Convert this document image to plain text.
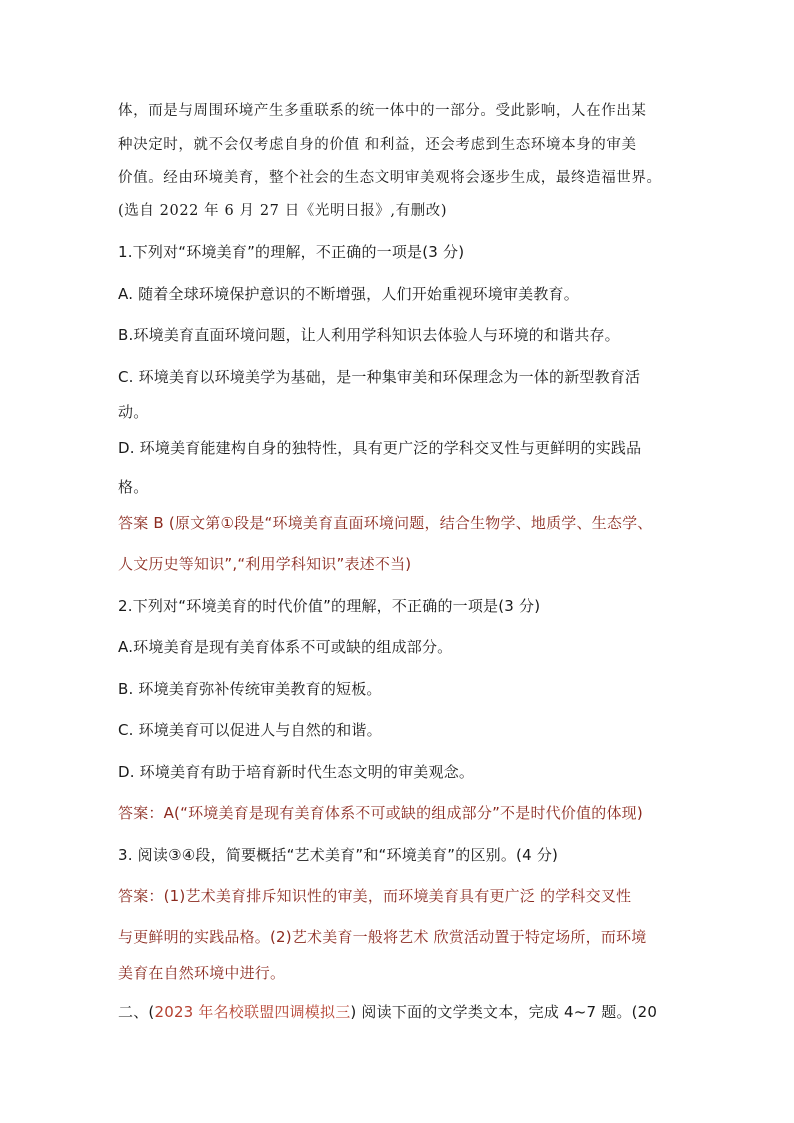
体，而是与周围环境产生多重联系的统一体中的一部分。受此影响，人在作出某
种决定时，就不会仅考虑自身的价值 和利益，还会考虑到生态环境本身的审美
价值。经由环境美育，整个社会的生态文明审美观将会逐步生成，最终造福世界。
(选自 2022 年 6 月 27 日《光明日报》,有删改)
1.下列对“环境美育”的理解，不正确的一项是(3 分)
A. 随着全球环境保护意识的不断增强，人们开始重视环境审美教育。
B.环境美育直面环境问题，让人利用学科知识去体验人与环境的和谐共存。
C. 环境美育以环境美学为基础，是一种集审美和环保理念为一体的新型教育活
动。
D. 环境美育能建构自身的独特性，具有更广泛的学科交叉性与更鲜明的实践品
格。
答案 B (原文第①段是“环境美育直面环境问题，结合生物学、地质学、生态学、
人文历史等知识”,“利用学科知识”表述不当)
2.下列对“环境美育的时代价值”的理解，不正确的一项是(3 分)
A.环境美育是现有美育体系不可或缺的组成部分。
B. 环境美育弥补传统审美教育的短板。
C. 环境美育可以促进人与自然的和谐。
D. 环境美育有助于培育新时代生态文明的审美观念。
答案：A(“环境美育是现有美育体系不可或缺的组成部分”不是时代价值的体现)
3. 阅读③④段，简要概括“艺术美育”和“环境美育”的区别。(4 分)
答案：(1)艺术美育排斥知识性的审美，而环境美育具有更广泛 的学科交叉性
与更鲜明的实践品格。(2)艺术美育一般将艺术 欣赏活动置于特定场所，而环境
美育在自然环境中进行。
二、(2023 年名校联盟四调模拟三) 阅读下面的文学类文本，完成 4~7 题。(20
